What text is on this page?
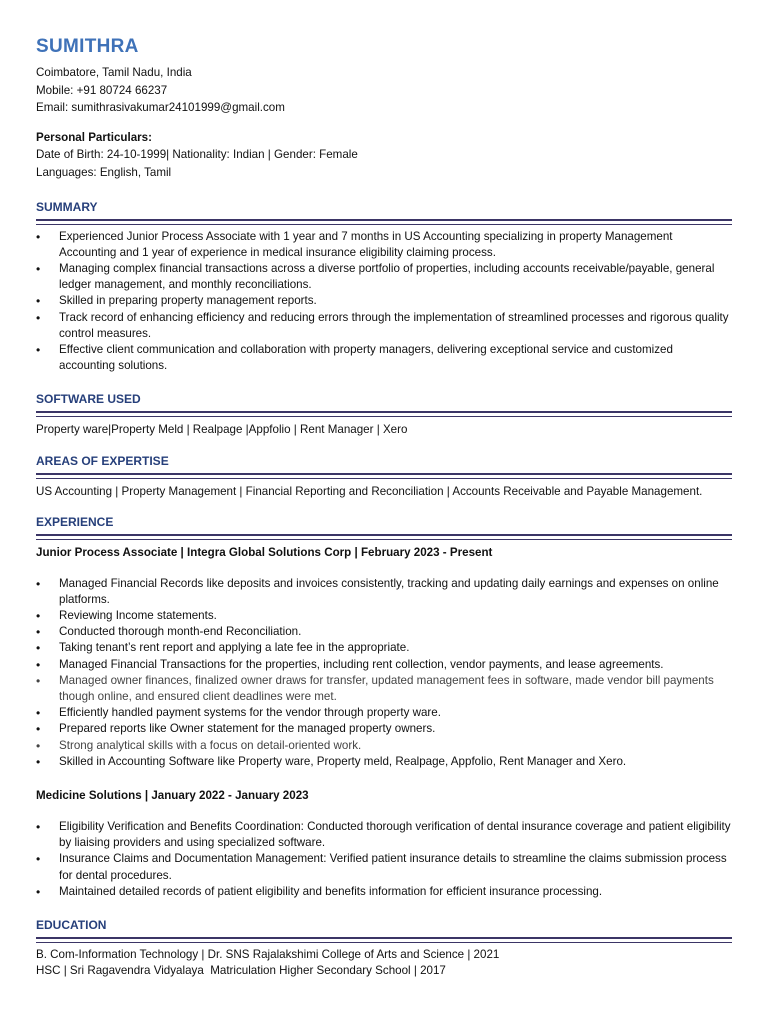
SUMITHRA
Coimbatore, Tamil Nadu, India
Mobile: +91 80724 66237
Email: sumithrasivakumar24101999@gmail.com
Personal Particulars:
Date of Birth: 24-10-1999| Nationality: Indian | Gender: Female
Languages: English, Tamil
SUMMARY
• Experienced Junior Process Associate with 1 year and 7 months in US Accounting specializing in property Management Accounting and 1 year of experience in medical insurance eligibility claiming process.
• Managing complex financial transactions across a diverse portfolio of properties, including accounts receivable/payable, general ledger management, and monthly reconciliations.
• Skilled in preparing property management reports.
• Track record of enhancing efficiency and reducing errors through the implementation of streamlined processes and rigorous quality control measures.
• Effective client communication and collaboration with property managers, delivering exceptional service and customized accounting solutions.
SOFTWARE USED
Property ware|Property Meld | Realpage |Appfolio | Rent Manager | Xero
AREAS OF EXPERTISE
US Accounting | Property Management | Financial Reporting and Reconciliation | Accounts Receivable and Payable Management.
EXPERIENCE
Junior Process Associate | Integra Global Solutions Corp | February 2023 - Present
• Managed Financial Records like deposits and invoices consistently, tracking and updating daily earnings and expenses on online platforms.
• Reviewing Income statements.
• Conducted thorough month-end Reconciliation.
• Taking tenant’s rent report and applying a late fee in the appropriate.
• Managed Financial Transactions for the properties, including rent collection, vendor payments, and lease agreements.
• Managed owner finances, finalized owner draws for transfer, updated management fees in software, made vendor bill payments though online, and ensured client deadlines were met.
• Efficiently handled payment systems for the vendor through property ware.
• Prepared reports like Owner statement for the managed property owners.
• Strong analytical skills with a focus on detail-oriented work.
• Skilled in Accounting Software like Property ware, Property meld, Realpage, Appfolio, Rent Manager and Xero.
Medicine Solutions | January 2022 - January 2023
• Eligibility Verification and Benefits Coordination: Conducted thorough verification of dental insurance coverage and patient eligibility by liaising providers and using specialized software.
• Insurance Claims and Documentation Management: Verified patient insurance details to streamline the claims submission process for dental procedures.
• Maintained detailed records of patient eligibility and benefits information for efficient insurance processing.
EDUCATION
B. Com-Information Technology | Dr. SNS Rajalakshimi College of Arts and Science | 2021
HSC | Sri Ragavendra Vidyalaya  Matriculation Higher Secondary School | 2017
